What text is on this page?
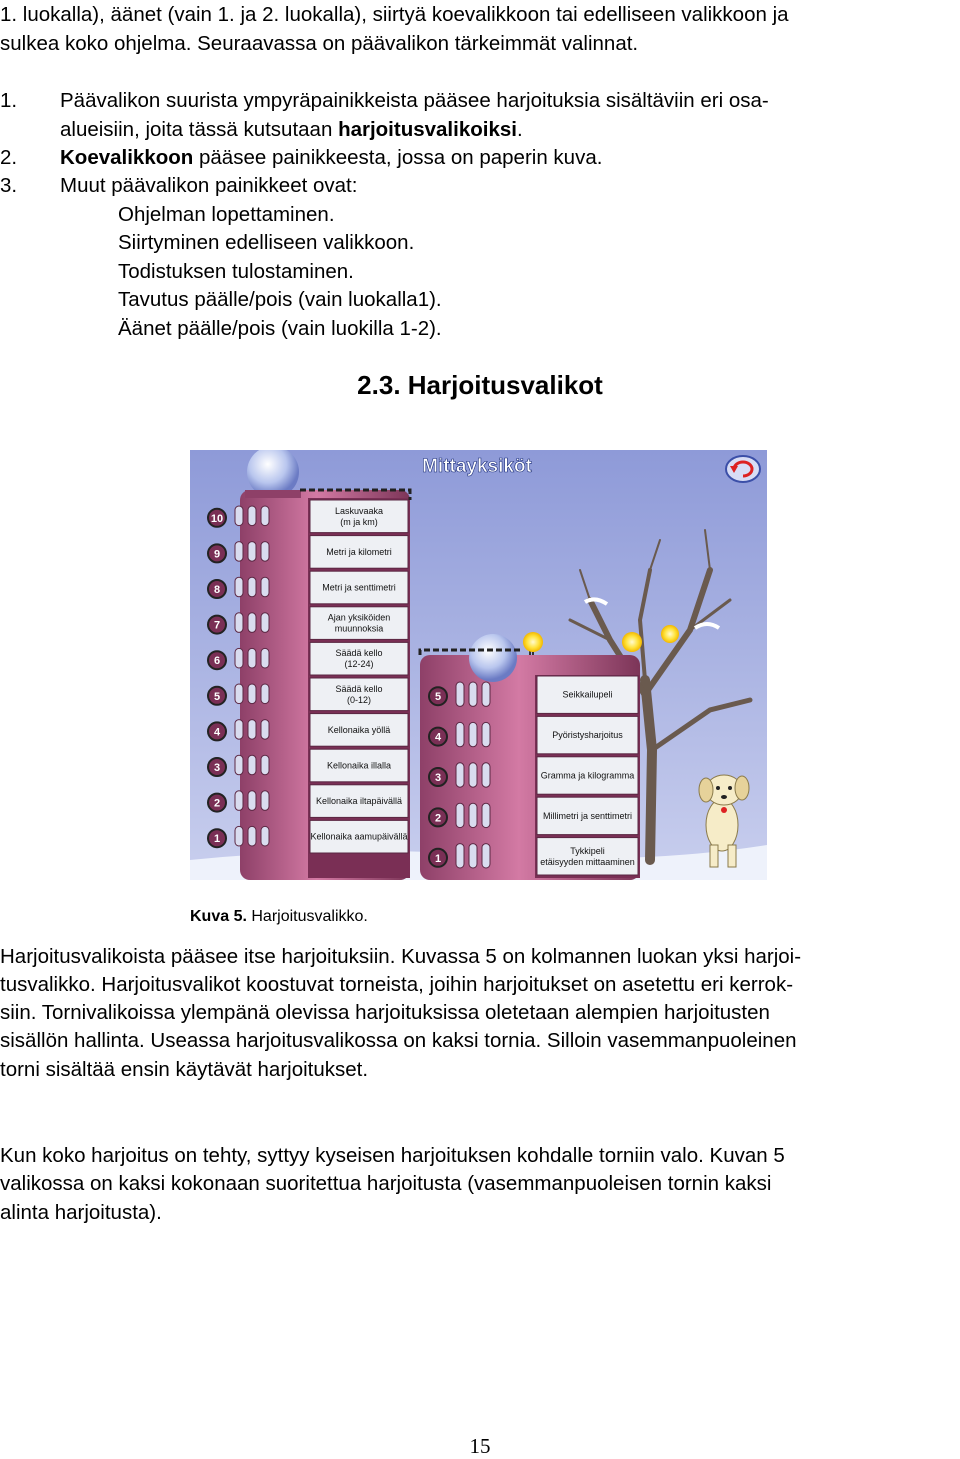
1. luokalla), äänet (vain 1. ja 2. luokalla), siirtyä koevalikkoon tai edelliseen valikkoon ja
sulkea koko ohjelma. Seuraavassa on päävalikon tärkeimmät valinnat.
1. Päävalikon suurista ympyräpainikkeista pääsee harjoituksia sisältäviin eri osa-
alueisiin, joita tässä kutsutaan harjoitusvalikoiksi.
2. Koevalikkoon pääsee painikkeesta, jossa on paperin kuva.
3. Muut päävalikon painikkeet ovat:
Ohjelman lopettaminen.
Siirtyminen edelliseen valikkoon.
Todistuksen tulostaminen.
Tavutus päälle/pois (vain luokalla1).
Äänet päälle/pois (vain luokilla 1-2).
2.3. Harjoitusvalikot
Mittayksiköt
Laskuvaaka
(m ja km)
Metri ja kilometri
Metri ja senttimetri
Ajan yksiköiden
muunnoksia
Säädä kello
(12-24)
Säädä kello
(0-12)
Kellonaika yöllä
Kellonaika illalla
Kellonaika iltapäivällä
Kellonaika aamupäivällä
10
9
8
7
6
5
4
3
2
1
Seikkailupeli
Pyöristysharjoitus
Gramma ja kilogramma
Millimetri ja senttimetri
Tykkipeli
etäisyyden mittaaminen
5
4
3
2
1
Kuva 5. Harjoitusvalikko.
Harjoitusvalikoista pääsee itse harjoituksiin. Kuvassa 5 on kolmannen luokan yksi harjoi-
tusvalikko. Harjoitusvalikot koostuvat torneista, joihin harjoitukset on asetettu eri kerrok-
siin. Tornivalikoissa ylempänä olevissa harjoituksissa oletetaan alempien harjoitusten
sisällön hallinta. Useassa harjoitusvalikossa on kaksi tornia. Silloin vasemmanpuoleinen
torni sisältää ensin käytävät harjoitukset.
Kun koko harjoitus on tehty, syttyy kyseisen harjoituksen kohdalle torniin valo. Kuvan 5
valikossa on kaksi kokonaan suoritettua harjoitusta (vasemmanpuoleisen tornin kaksi
alinta harjoitusta).
15
